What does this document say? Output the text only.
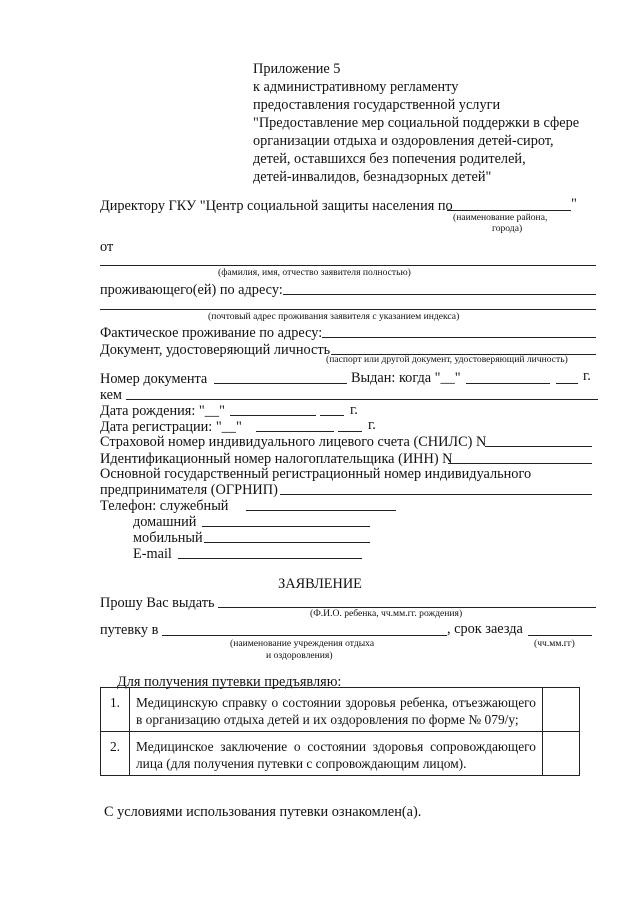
Приложение 5
к административному регламенту
предоставления государственной услуги
"Предоставление мер социальной поддержки в сфере
организации отдыха и оздоровления детей-сирот,
детей, оставшихся без попечения родителей,
детей-инвалидов, безнадзорных детей"
Директору ГКУ "Центр социальной защиты населения по	"
(наименование района,
города)
от
(фамилия, имя, отчество заявителя полностью)
проживающего(ей) по адресу:
(почтовый адрес проживания заявителя с указанием индекса)
Фактическое проживание по адресу:
Документ, удостоверяющий личность
(паспорт или другой документ, удостоверяющий личность)
Номер документа	Выдан: когда "__"	г.
кем
Дата рождения: "__"	г.
Дата регистрации: "__"	г.
Страховой номер индивидуального лицевого счета (СНИЛС) N
Идентификационный номер налогоплательщика (ИНН) N
Основной государственный регистрационный номер индивидуального
предпринимателя (ОГРНИП)
Телефон: служебный
домашний
мобильный
E-mail
ЗАЯВЛЕНИЕ
Прошу Вас выдать
(Ф.И.О. ребенка, чч.мм.гг. рождения)
путевку в	, срок заезда
(наименование учреждения отдыха
и оздоровления)
(чч.мм.гг)
Для получения путевки предъявляю:
1.	Медицинскую справку о состоянии здоровья ребенка, отъезжающего в организацию отдыха детей и их оздоровления по форме № 079/у;	
2.	Медицинское заключение о состоянии здоровья сопровождающего лица (для получения путевки с сопровождающим лицом).	
С условиями использования путевки ознакомлен(а).
